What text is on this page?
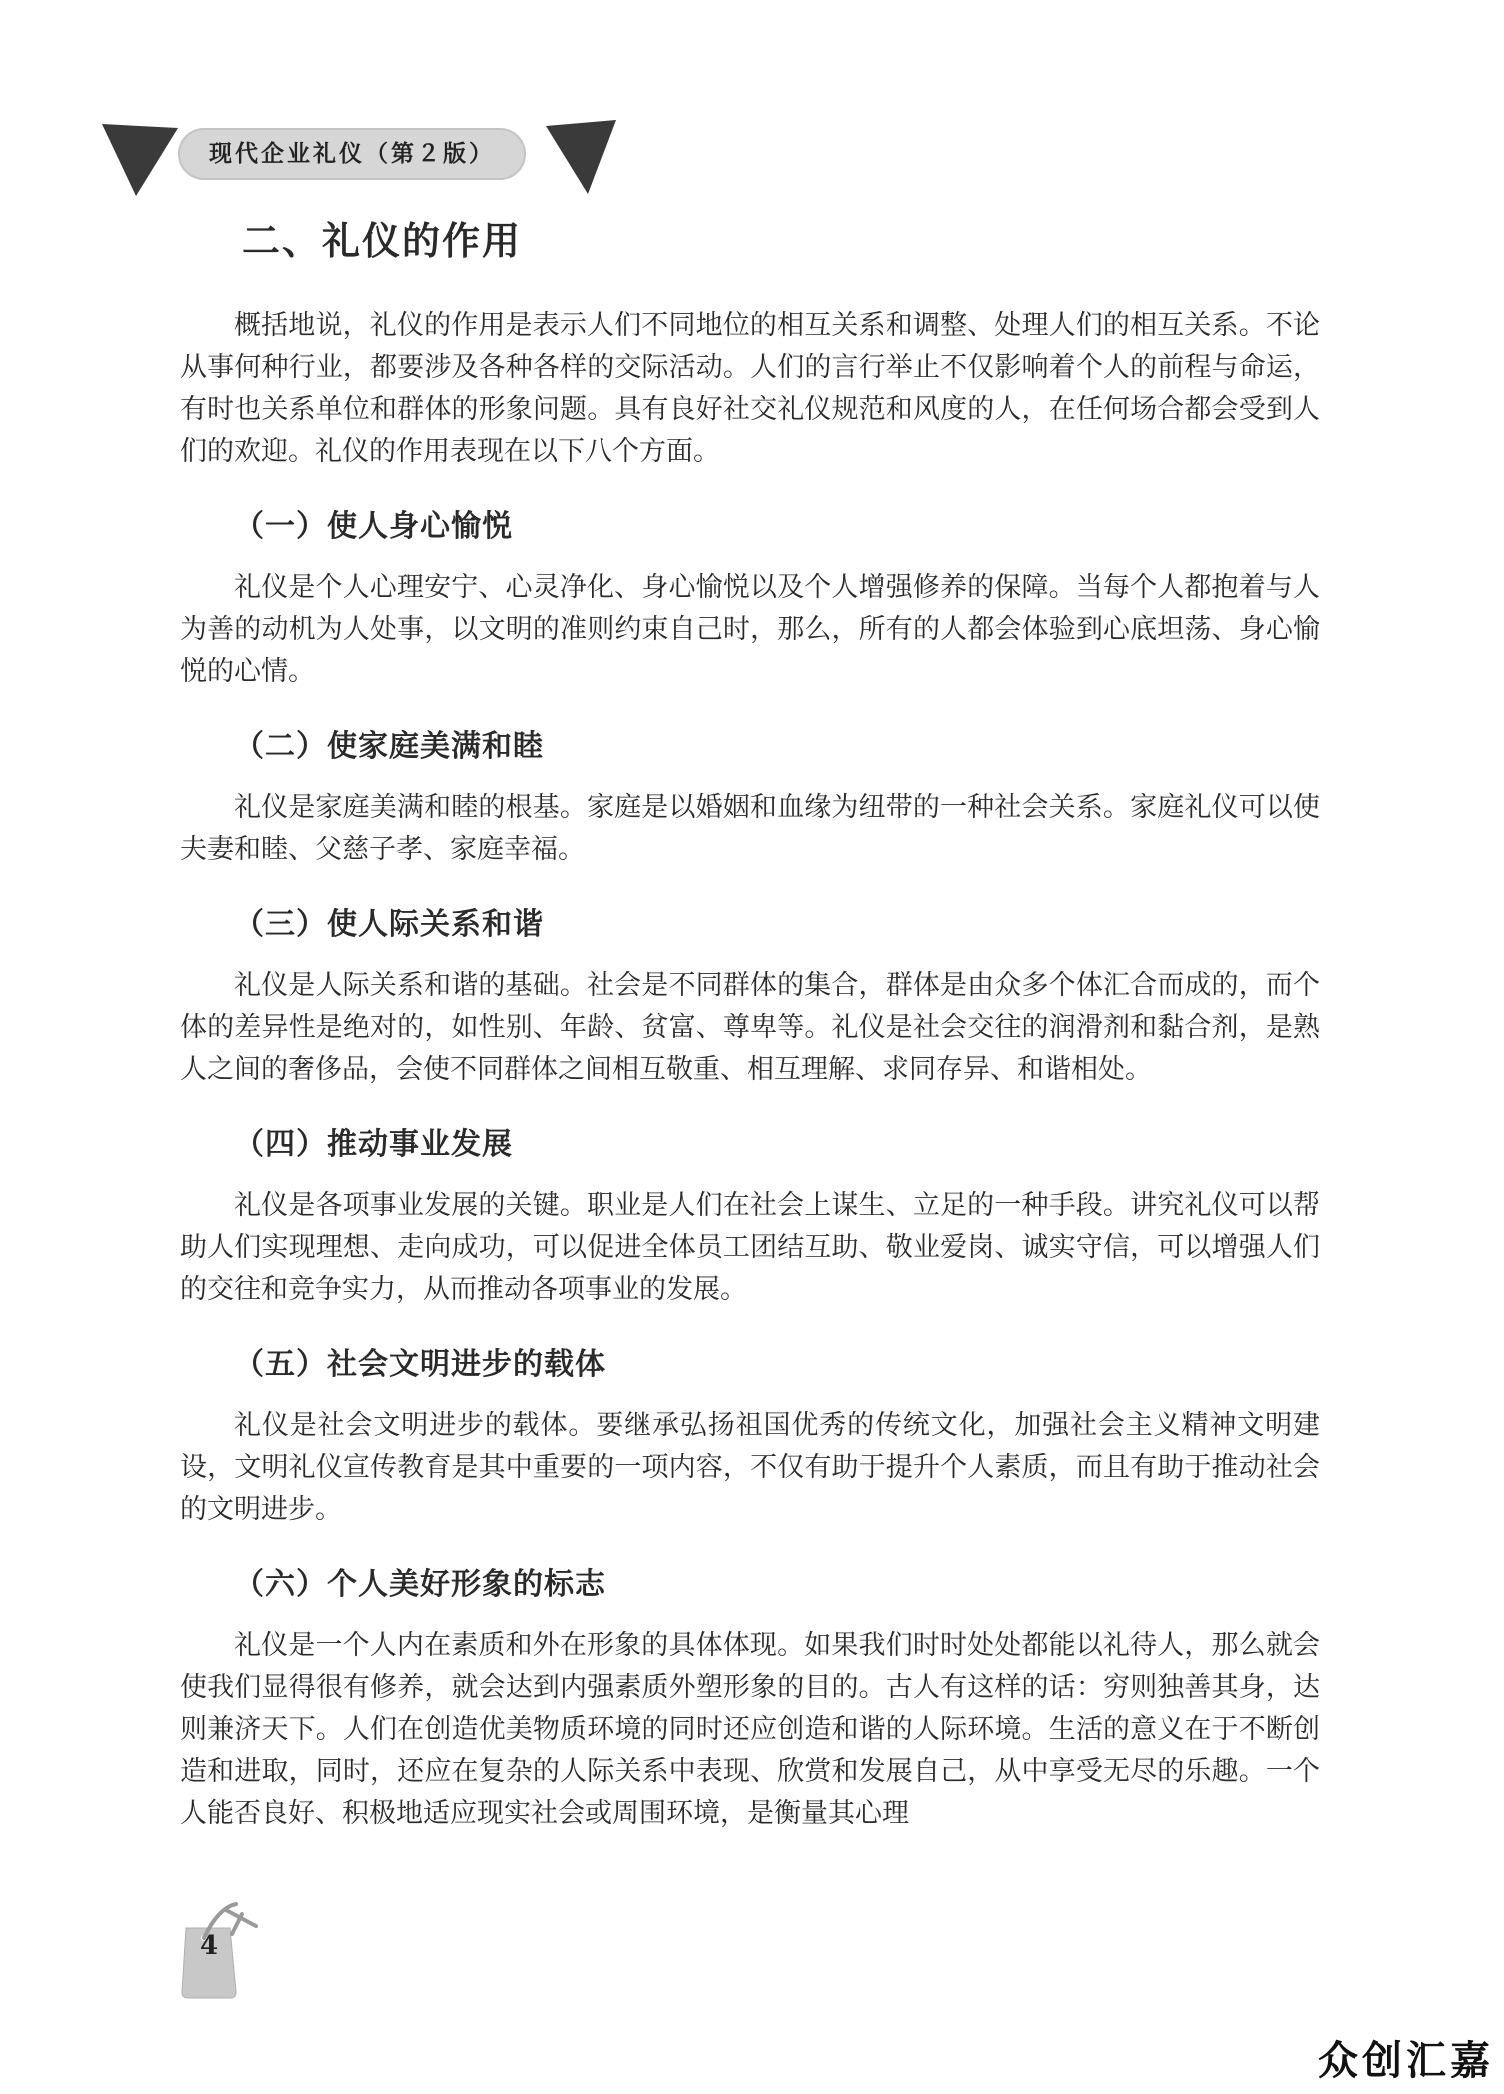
现代企业礼仪（第２版）
二、礼仪的作用

概括地说，礼仪的作用是表示人们不同地位的相互关系和调整、处理人们的相互关系。不论从事何种行业，都要涉及各种各样的交际活动。人们的言行举止不仅影响着个人的前程与命运，有时也关系单位和群体的形象问题。具有良好社交礼仪规范和风度的人，在任何场合都会受到人们的欢迎。礼仪的作用表现在以下八个方面。

（一）使人身心愉悦

礼仪是个人心理安宁、心灵净化、身心愉悦以及个人增强修养的保障。当每个人都抱着与人为善的动机为人处事，以文明的准则约束自己时，那么，所有的人都会体验到心底坦荡、身心愉悦的心情。

（二）使家庭美满和睦

礼仪是家庭美满和睦的根基。家庭是以婚姻和血缘为纽带的一种社会关系。家庭礼仪可以使夫妻和睦、父慈子孝、家庭幸福。

（三）使人际关系和谐

礼仪是人际关系和谐的基础。社会是不同群体的集合，群体是由众多个体汇合而成的，而个体的差异性是绝对的，如性别、年龄、贫富、尊卑等。礼仪是社会交往的润滑剂和黏合剂，是熟人之间的奢侈品，会使不同群体之间相互敬重、相互理解、求同存异、和谐相处。

（四）推动事业发展

礼仪是各项事业发展的关键。职业是人们在社会上谋生、立足的一种手段。讲究礼仪可以帮助人们实现理想、走向成功，可以促进全体员工团结互助、敬业爱岗、诚实守信，可以增强人们的交往和竞争实力，从而推动各项事业的发展。

（五）社会文明进步的载体

礼仪是社会文明进步的载体。要继承弘扬祖国优秀的传统文化，加强社会主义精神文明建设，文明礼仪宣传教育是其中重要的一项内容，不仅有助于提升个人素质，而且有助于推动社会的文明进步。

（六）个人美好形象的标志

礼仪是一个人内在素质和外在形象的具体体现。如果我们时时处处都能以礼待人，那么就会使我们显得很有修养，就会达到内强素质外塑形象的目的。古人有这样的话：穷则独善其身，达则兼济天下。人们在创造优美物质环境的同时还应创造和谐的人际环境。生活的意义在于不断创造和进取，同时，还应在复杂的人际关系中表现、欣赏和发展自己，从中享受无尽的乐趣。一个人能否良好、积极地适应现实社会或周围环境，是衡量其心理

4
众创汇嘉
